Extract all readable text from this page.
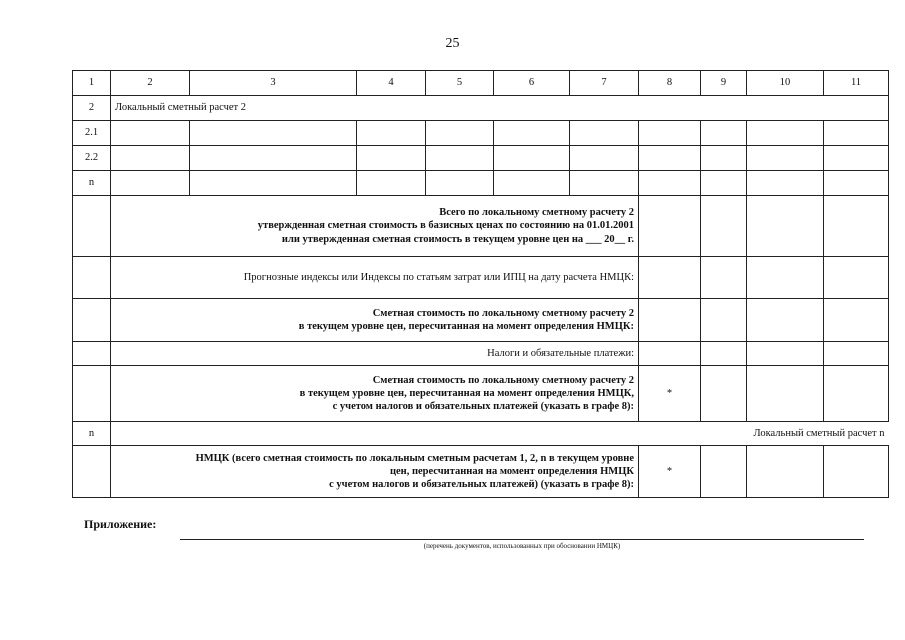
25
1	2	3	4	5	6	7	8	9	10	11
2	Локальный сметный расчет 2									
2.1										
2.2										
n										

	Всего по локальному сметному расчету 2
утвержденная сметная стоимость в базисных ценах по состоянию на 01.01.2001
или утвержденная сметная стоимость в текущем уровне цен на ___ 20__ г.									

	Прогнозные индексы или Индексы по статьям затрат или ИПЦ на дату расчета НМЦК:									

	Сметная стоимость по локальному сметному расчету 2
в текущем уровне цен, пересчитанная на момент определения НМЦК:									

	Налоги и обязательные платежи:									

	Сметная стоимость по локальному сметному расчету 2
в текущем уровне цен, пересчитанная на момент определения НМЦК,
с учетом налогов и обязательных платежей (указать в графе 8):						*			
n	Локальный сметный расчет n									

	НМЦК (всего сметная стоимость по локальным сметным расчетам 1, 2, n в текущем уровне
цен, пересчитанная на момент определения НМЦК
с учетом налогов и обязательных платежей) (указать в графе 8):						*			
Приложение:
(перечень документов, использованных при обосновании НМЦК)
